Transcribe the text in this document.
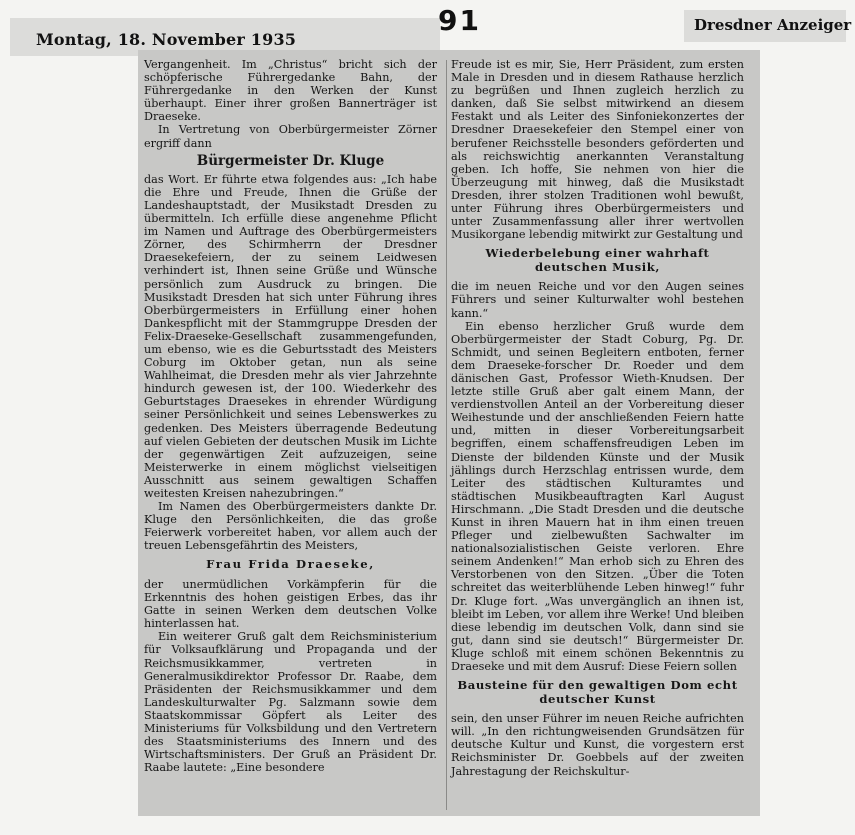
Montag, 18. November 1935
91	Dresdner Anzeiger

Vergangenheit. Im „Christus“ bricht sich der schöpferische Führergedanke Bahn, der Führergedanke in den Werken der Kunst überhaupt. Einer ihrer großen Bannerträger ist Draeseke.

In Vertretung von Oberbürgermeister Zörner ergriff dann

Bürgermeister Dr. Kluge

das Wort. Er führte etwa folgendes aus: „Ich habe die Ehre und Freude, Ihnen die Grüße der Landeshauptstadt, der Musikstadt Dresden zu übermitteln. Ich erfülle diese angenehme Pflicht im Namen und Auftrage des Oberbürgermeisters Zörner, des Schirmherrn der Dresdner Draesekefeiern, der zu seinem Leidwesen verhindert ist, Ihnen seine Grüße und Wünsche persönlich zum Ausdruck zu bringen. Die Musikstadt Dresden hat sich unter Führung ihres Oberbürgermeisters in Erfüllung einer hohen Dankespflicht mit der Stammgruppe Dresden der Felix-Draeseke-Gesellschaft zusammengefunden, um ebenso, wie es die Geburtsstadt des Meisters Coburg im Oktober getan, nun als seine Wahlheimat, die Dresden mehr als vier Jahrzehnte hindurch gewesen ist, der 100. Wiederkehr des Geburtstages Draesekes in ehrender Würdigung seiner Persönlichkeit und seines Lebenswerkes zu gedenken. Des Meisters überragende Bedeutung auf vielen Gebieten der deutschen Musik im Lichte der gegenwärtigen Zeit aufzuzeigen, seine Meisterwerke in einem möglichst vielseitigen Ausschnitt aus seinem gewaltigen Schaffen weitesten Kreisen nahezubringen.“

Im Namen des Oberbürgermeisters dankte Dr. Kluge den Persönlichkeiten, die das große Feierwerk vorbereitet haben, vor allem auch der treuen Lebensgefährtin des Meisters,

Frau Frida Draeseke,

der unermüdlichen Vorkämpferin für die Erkenntnis des hohen geistigen Erbes, das ihr Gatte in seinen Werken dem deutschen Volke hinterlassen hat.

Ein weiterer Gruß galt dem Reichsministerium für Volksaufklärung und Propaganda und der Reichsmusikkammer, vertreten in Generalmusikdirektor Professor Dr. Raabe, dem Präsidenten der Reichsmusikkammer und dem Landeskulturwalter Pg. Salzmann sowie dem Staatskommissar Göpfert als Leiter des Ministeriums für Volksbildung und den Vertretern des Staatsministeriums des Innern und des Wirtschaftsministers. Der Gruß an Präsident Dr. Raabe lautete: „Eine besondere

Freude ist es mir, Sie, Herr Präsident, zum ersten Male in Dresden und in diesem Rathause herzlich zu begrüßen und Ihnen zugleich herzlich zu danken, daß Sie selbst mitwirkend an diesem Festakt und als Leiter des Sinfoniekonzertes der Dresdner Draesekefeier den Stempel einer von berufener Reichsstelle besonders geförderten und als reichswichtig anerkannten Veranstaltung geben. Ich hoffe, Sie nehmen von hier die Überzeugung mit hinweg, daß die Musikstadt Dresden, ihrer stolzen Traditionen wohl bewußt, unter Führung ihres Oberbürgermeisters und unter Zusammenfassung aller ihrer wertvollen Musikorgane lebendig mitwirkt zur Gestaltung und

Wiederbelebung einer wahrhaft deutschen Musik,

die im neuen Reiche und vor den Augen seines Führers und seiner Kulturwalter wohl bestehen kann.“

Ein ebenso herzlicher Gruß wurde dem Oberbürgermeister der Stadt Coburg, Pg. Dr. Schmidt, und seinen Begleitern entboten, ferner dem Draeseke-forscher Dr. Roeder und dem dänischen Gast, Professor Wieth-Knudsen. Der letzte stille Gruß aber galt einem Mann, der verdienstvollen Anteil an der Vorbereitung dieser Weihestunde und der anschließenden Feiern hatte und, mitten in dieser Vorbereitungsarbeit begriffen, einem schaffensfreudigen Leben im Dienste der bildenden Künste und der Musik jählings durch Herzschlag entrissen wurde, dem Leiter des städtischen Kulturamtes und städtischen Musikbeauftragten Karl August Hirschmann. „Die Stadt Dresden und die deutsche Kunst in ihren Mauern hat in ihm einen treuen Pfleger und zielbewußten Sachwalter im nationalsozialistischen Geiste verloren. Ehre seinem Andenken!“ Man erhob sich zu Ehren des Verstorbenen von den Sitzen. „Über die Toten schreitet das weiterblühende Leben hinweg!“ fuhr Dr. Kluge fort. „Was unvergänglich an ihnen ist, bleibt im Leben, vor allem ihre Werke! Und bleiben diese lebendig im deutschen Volk, dann sind sie gut, dann sind sie deutsch!“ Bürgermeister Dr. Kluge schloß mit einem schönen Bekenntnis zu Draeseke und mit dem Ausruf: Diese Feiern sollen

Bausteine für den gewaltigen Dom echt deutscher Kunst

sein, den unser Führer im neuen Reiche aufrichten will. „In den richtungweisenden Grundsätzen für deutsche Kultur und Kunst, die vorgestern erst Reichsminister Dr. Goebbels auf der zweiten Jahrestagung der Reichskultur-
